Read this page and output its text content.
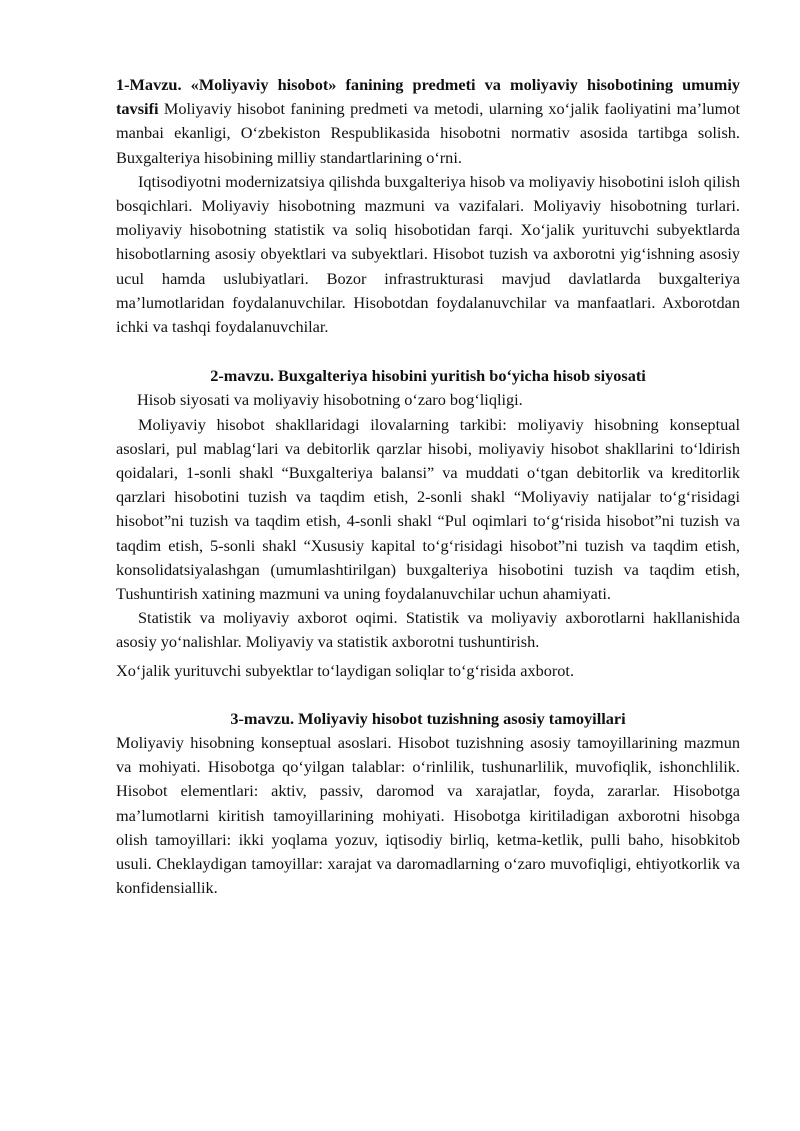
1-Mavzu. «Moliyaviy hisobot» fanining predmeti va moliyaviy hisobotining umumiy tavsifi Moliyaviy hisobot fanining predmeti va metodi, ularning xo‘jalik faoliyatini ma’lumot manbai ekanligi, O‘zbekiston Respublikasida hisobotni normativ asosida tartibga solish. Buxgalteriya hisobining milliy standartlarining o‘rni.

Iqtisodiyotni modernizatsiya qilishda buxgalteriya hisob va moliyaviy hisobotini isloh qilish bosqichlari. Moliyaviy hisobotning mazmuni va vazifalari. Moliyaviy hisobotning turlari. moliyaviy hisobotning statistik va soliq hisobotidan farqi. Xo‘jalik yurituvchi subyektlarda hisobotlarning asosiy obyektlari va subyektlari. Hisobot tuzish va axborotni yig‘ishning asosiy ucul hamda uslubiyatlari. Bozor infrastrukturasi mavjud davlatlarda buxgalteriya ma’lumotlaridan foydalanuvchilar. Hisobotdan foydalanuvchilar va manfaatlari. Axborotdan ichki va tashqi foydalanuvchilar.

2-mavzu. Buxgalteriya hisobini yuritish bo‘yicha hisob siyosati

Hisob siyosati va moliyaviy hisobotning o‘zaro bog‘liqligi.

Moliyaviy hisobot shakllaridagi ilovalarning tarkibi: moliyaviy hisobning konseptual asoslari, pul mablag‘lari va debitorlik qarzlar hisobi, moliyaviy hisobot shakllarini to‘ldirish qoidalari, 1-sonli shakl “Buxgalteriya balansi” va muddati o‘tgan debitorlik va kreditorlik qarzlari hisobotini tuzish va taqdim etish, 2-sonli shakl “Moliyaviy natijalar to‘g‘risidagi hisobot”ni tuzish va taqdim etish, 4-sonli shakl “Pul oqimlari to‘g‘risida hisobot”ni tuzish va taqdim etish, 5-sonli shakl “Xususiy kapital to‘g‘risidagi hisobot”ni tuzish va taqdim etish, konsolidatsiyalashgan (umumlashtirilgan) buxgalteriya hisobotini tuzish va taqdim etish, Tushuntirish xatining mazmuni va uning foydalanuvchilar uchun ahamiyati.

Statistik va moliyaviy axborot oqimi. Statistik va moliyaviy axborotlarni hakllanishida asosiy yo‘nalishlar. Moliyaviy va statistik axborotni tushuntirish.

Xo‘jalik yurituvchi subyektlar to‘laydigan soliqlar to‘g‘risida axborot.

3-mavzu. Moliyaviy hisobot tuzishning asosiy tamoyillari

Moliyaviy hisobning konseptual asoslari. Hisobot tuzishning asosiy tamoyillarining mazmun va mohiyati. Hisobotga qo‘yilgan talablar: o‘rinlilik, tushunarlilik, muvofiqlik, ishonchlilik. Hisobot elementlari: aktiv, passiv, daromod va xarajatlar, foyda, zararlar. Hisobotga ma’lumotlarni kiritish tamoyillarining mohiyati. Hisobotga kiritiladigan axborotni hisobga olish tamoyillari: ikki yoqlama yozuv, iqtisodiy birliq, ketma-ketlik, pulli baho, hisobkitob usuli. Cheklaydigan tamoyillar: xarajat va daromadlarning o‘zaro muvofiqligi, ehtiyotkorlik va konfidensiallik.
